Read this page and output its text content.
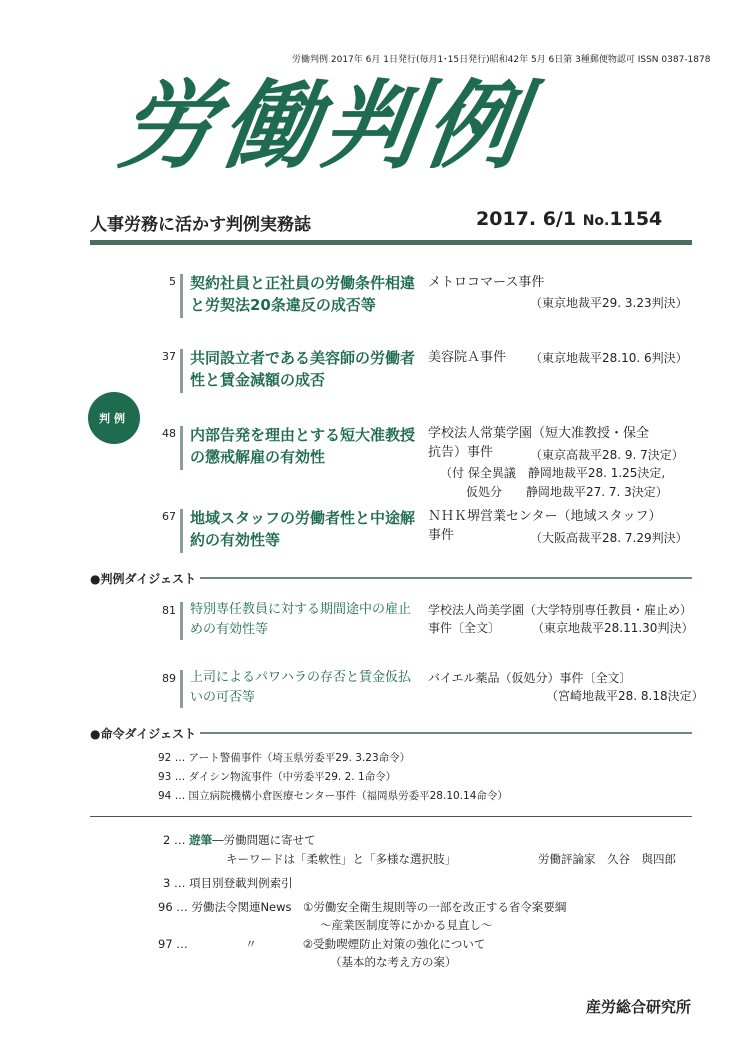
労働判例 2017年 6月 1日発行(毎月1･15日発行)昭和42年 5月 6日第 3種郵便物認可 ISSN 0387-1878
労働判例
人事労務に活かす判例実務誌	2017. 6/1 No.1154
判例
5 契約社員と正社員の労働条件相違と労契法20条違反の成否等
メトロコマース事件
（東京地裁平29. 3.23判決）
37 共同設立者である美容師の労働者性と賃金減額の成否
美容院Ａ事件 （東京地裁平28.10. 6判決）
48 内部告発を理由とする短大准教授の懲戒解雇の有効性
学校法人常葉学園（短大准教授・保全
抗告）事件	（東京高裁平28. 9. 7決定）
（付 保全異議　静岡地裁平28. 1.25決定,
仮処分　　静岡地裁平27. 7. 3決定）
67 地域スタッフの労働者性と中途解約の有効性等
ＮＨＫ堺営業センター（地域スタッフ）
事件	（大阪高裁平28. 7.29判決）
●判例ダイジェスト
81 特別専任教員に対する期間途中の雇止めの有効性等
学校法人尚美学園（大学特別専任教員・雇止め）
事件〔全文〕	（東京地裁平28.11.30判決）
89 上司によるパワハラの存否と賃金仮払いの可否等
バイエル薬品（仮処分）事件〔全文〕
（宮崎地裁平28. 8.18決定）
●命令ダイジェスト
92 … アート警備事件（埼玉県労委平29. 3.23命令）
93 … ダイシン物流事件（中労委平29. 2. 1命令）
94 … 国立病院機構小倉医療センター事件（福岡県労委平28.10.14命令）
2 … 遊筆―労働問題に寄せて
キーワードは「柔軟性」と「多様な選択肢」	労働評論家　久谷　與四郎
3 … 項目別登載判例索引
96 … 労働法令関連News　①労働安全衛生規則等の一部を改正する省令案要綱
～産業医制度等にかかる見直し～
97 …　　　　　〃　　　　②受動喫煙防止対策の強化について
（基本的な考え方の案）
産労総合研究所
